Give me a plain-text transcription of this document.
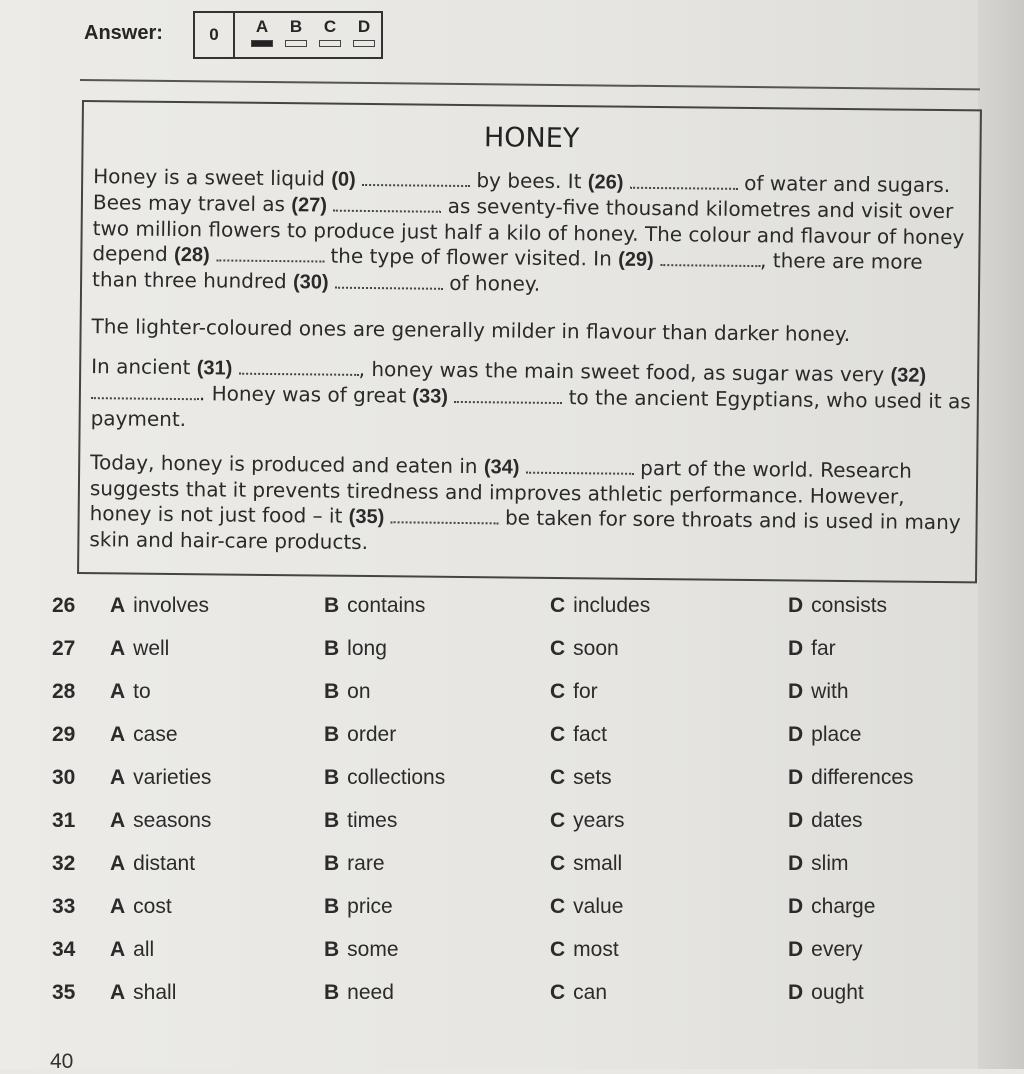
Answer:	0	A B C D
HONEY
Honey is a sweet liquid (0)	by bees. It (26)	of water and sugars. Bees may travel as (27)	as seventy-five thousand kilometres and visit over two million flowers to produce just half a kilo of honey. The colour and flavour of honey depend (28)	the type of flower visited. In (29)	, there are more than three hundred (30)	of honey.
The lighter-coloured ones are generally milder in flavour than darker honey.
In ancient (31)	, honey was the main sweet food, as sugar was very (32) . Honey was of great (33)	to the ancient Egyptians, who used it as payment.
Today, honey is produced and eaten in (34)	part of the world. Research suggests that it prevents tiredness and improves athletic performance. However, honey is not just food – it (35)	be taken for sore throats and is used in many skin and hair-care products.
26 A involves	B contains	C includes	D consists
27 A well	B long	C soon	D far
28 A to	B on	C for	D with
29 A case	B order	C fact	D place
30 A varieties	B collections	C sets	D differences
31 A seasons	B times	C years	D dates
32 A distant	B rare	C small	D slim
33 A cost	B price	C value	D charge
34 A all	B some	C most	D every
35 A shall	B need	C can	D ought
40
